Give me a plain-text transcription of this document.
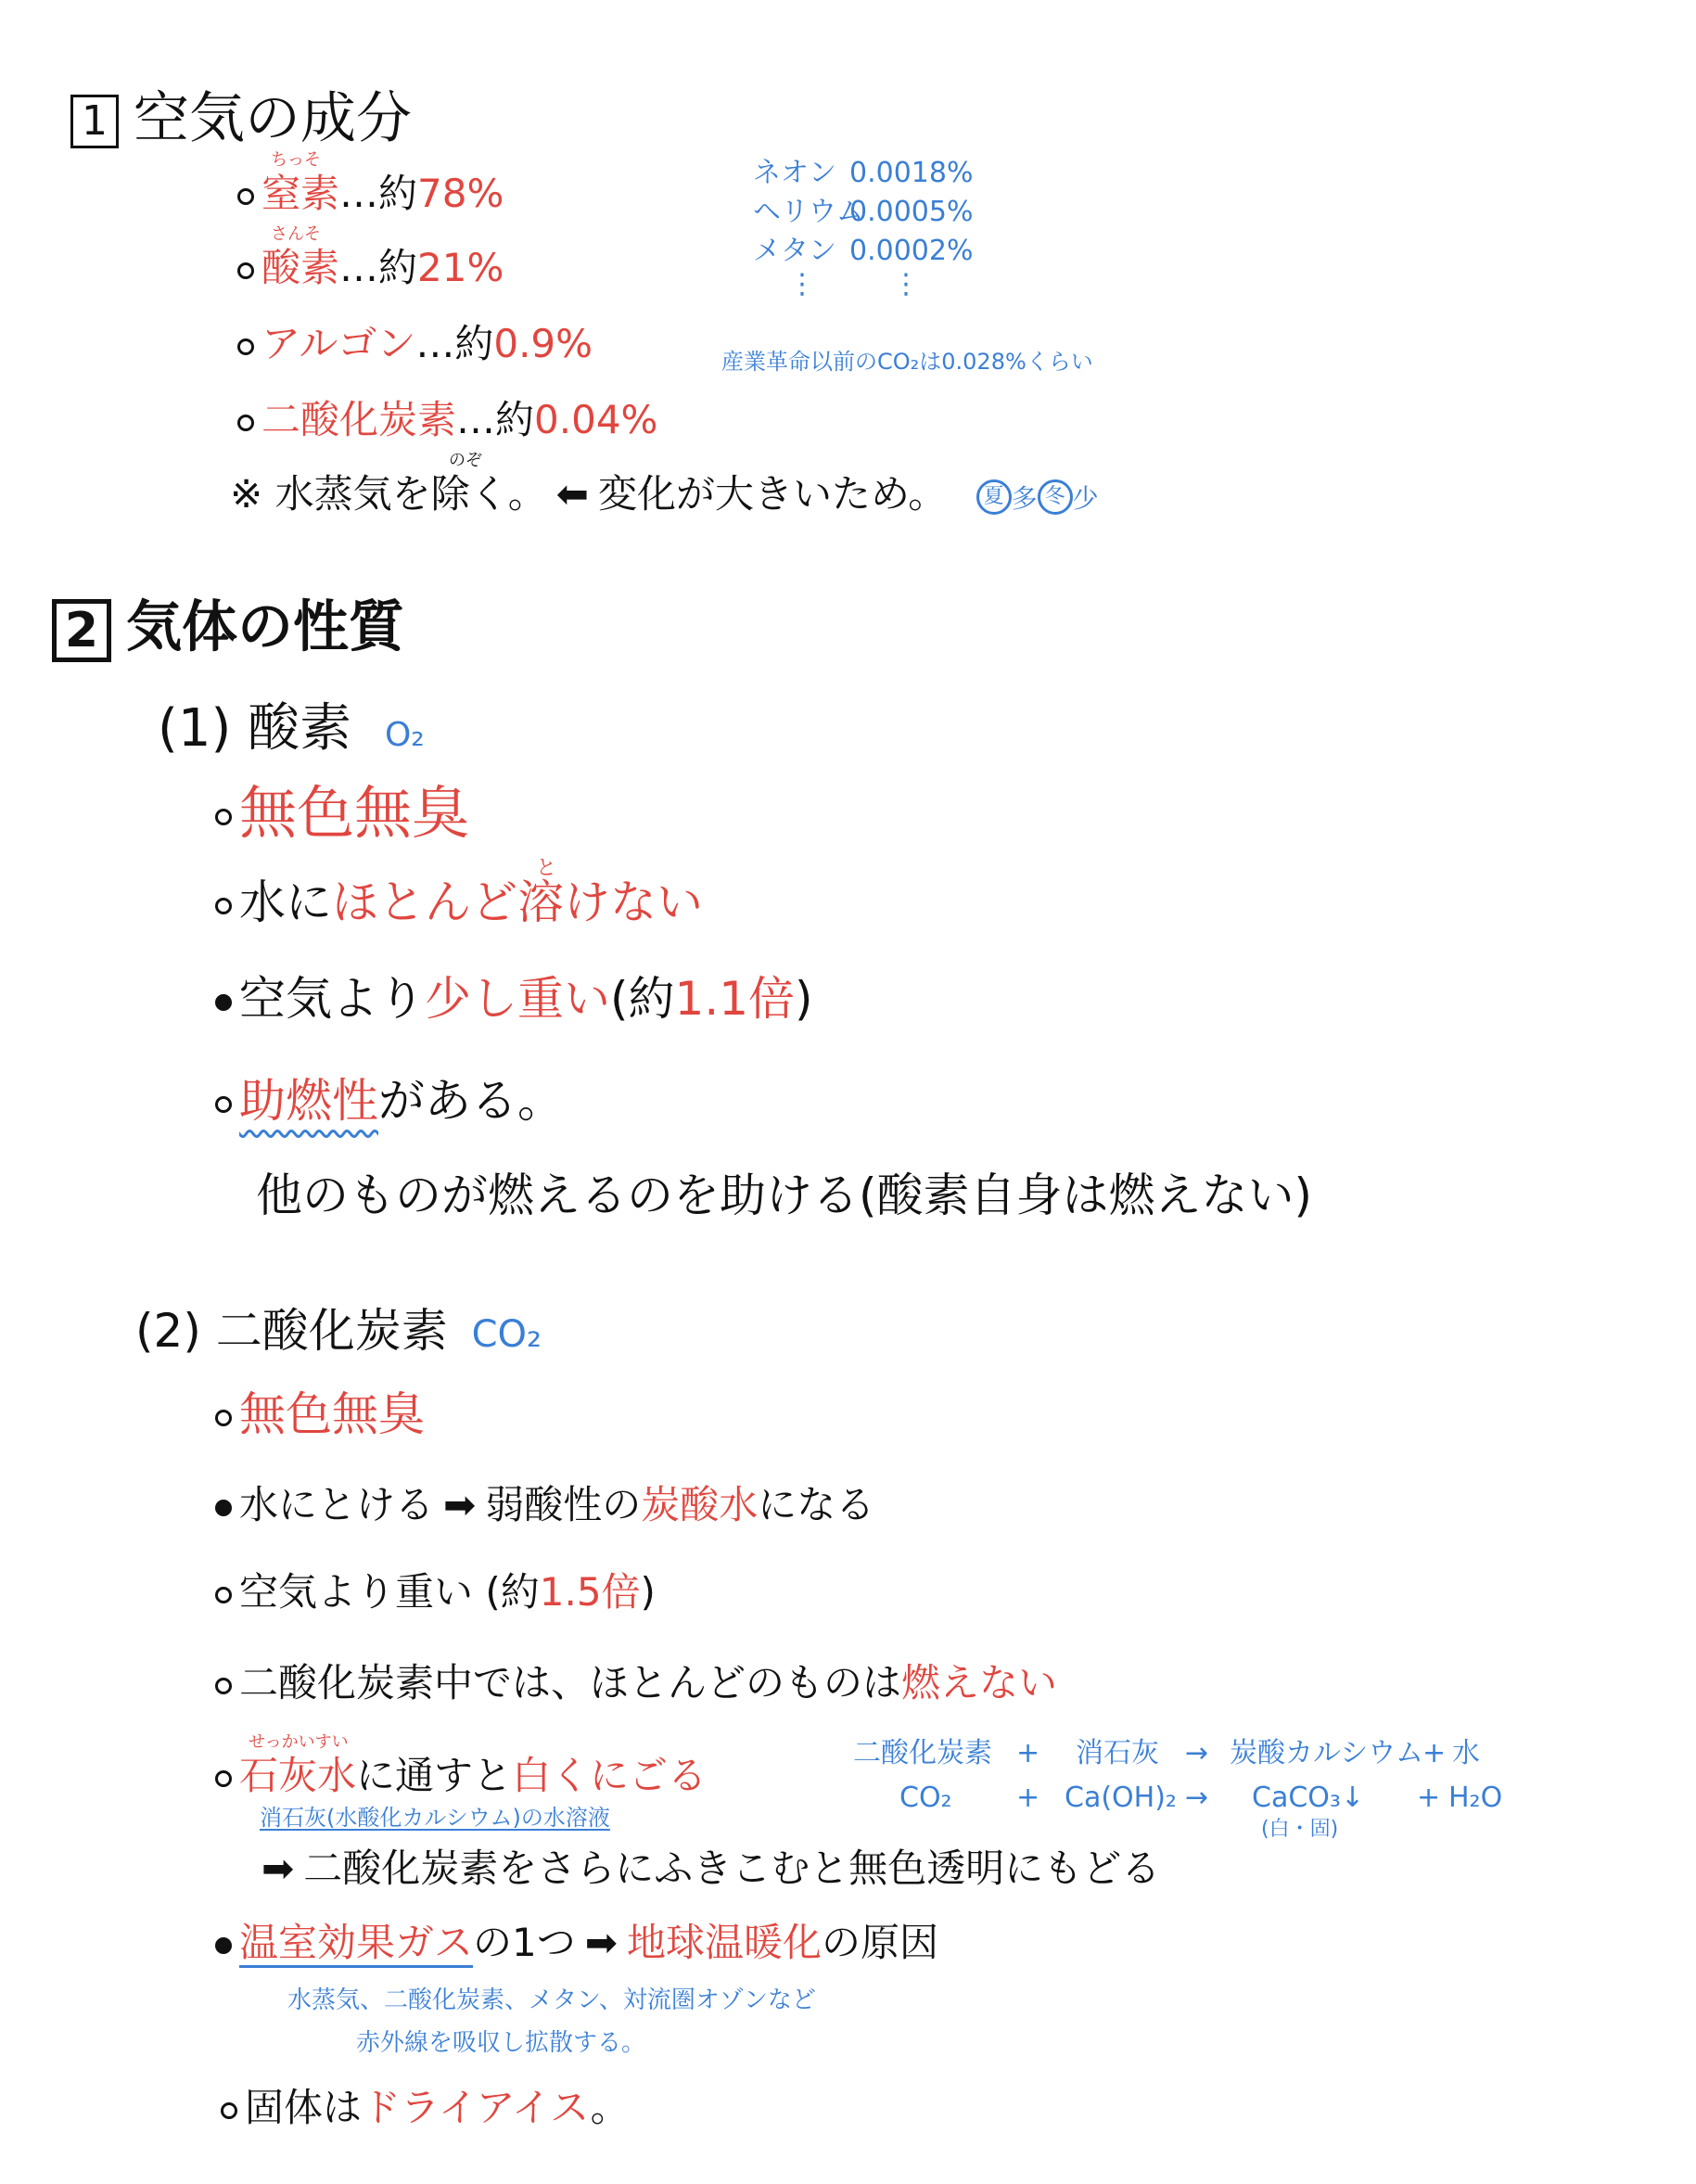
1 空気の成分
ちっそ
窒素…約78%
さんそ
酸素…約21%
アルゴン…約0.9%
二酸化炭素…約0.04%
のぞ
※ 水蒸気を除く。 ⬅ 変化が大きいため。 夏 多 冬 少
ネオン 0.0018%
ヘリウム
0.0005%
メタン 0.0002%
⋮	⋮
産業革命以前のCO₂は0.028%くらい
2 気体の性質
(1) 酸素 O₂
無色無臭
と
水にほとんど溶けない
空気より少し重い(約1.1倍)
助燃性がある。
他のものが燃えるのを助ける(酸素自身は燃えない)
(2) 二酸化炭素 CO₂
無色無臭
水にとける ➡ 弱酸性の炭酸水になる
空気より重い (約1.5倍)
二酸化炭素中では、ほとんどのものは燃えない
せっかいすい
石灰水に通すと白くにごる
消石灰(水酸化カルシウム)の水溶液
➡ 二酸化炭素をさらにふきこむと無色透明にもどる
二酸化炭素 + 消石灰 → 炭酸カルシウム + 水
CO₂ + Ca(OH)₂ → CaCO₃↓ + H₂O
(白・固)
温室効果ガスの1つ ➡ 地球温暖化の原因
水蒸気、二酸化炭素、メタン、対流圏オゾンなど
赤外線を吸収し拡散する。
固体はドライアイス。
